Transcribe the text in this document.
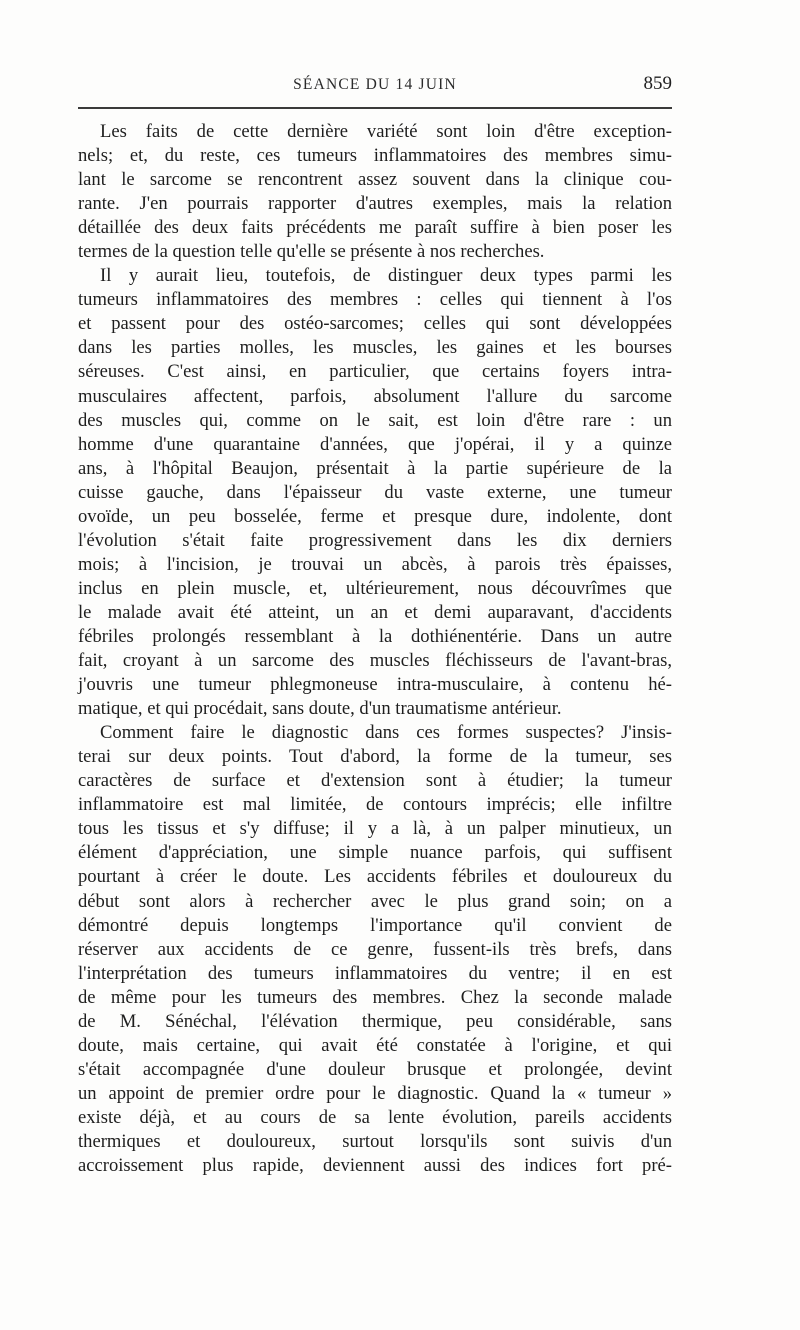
SÉANCE DU 14 JUIN	859
Les faits de cette dernière variété sont loin d'être exception-
nels; et, du reste, ces tumeurs inflammatoires des membres simu-
lant le sarcome se rencontrent assez souvent dans la clinique cou-
rante. J'en pourrais rapporter d'autres exemples, mais la relation
détaillée des deux faits précédents me paraît suffire à bien poser les
termes de la question telle qu'elle se présente à nos recherches.
Il y aurait lieu, toutefois, de distinguer deux types parmi les
tumeurs inflammatoires des membres : celles qui tiennent à l'os
et passent pour des ostéo-sarcomes; celles qui sont développées
dans les parties molles, les muscles, les gaines et les bourses
séreuses. C'est ainsi, en particulier, que certains foyers intra-
musculaires affectent, parfois, absolument l'allure du sarcome
des muscles qui, comme on le sait, est loin d'être rare : un
homme d'une quarantaine d'années, que j'opérai, il y a quinze
ans, à l'hôpital Beaujon, présentait à la partie supérieure de la
cuisse gauche, dans l'épaisseur du vaste externe, une tumeur
ovoïde, un peu bosselée, ferme et presque dure, indolente, dont
l'évolution s'était faite progressivement dans les dix derniers
mois; à l'incision, je trouvai un abcès, à parois très épaisses,
inclus en plein muscle, et, ultérieurement, nous découvrîmes que
le malade avait été atteint, un an et demi auparavant, d'accidents
fébriles prolongés ressemblant à la dothiénentérie. Dans un autre
fait, croyant à un sarcome des muscles fléchisseurs de l'avant-bras,
j'ouvris une tumeur phlegmoneuse intra-musculaire, à contenu hé-
matique, et qui procédait, sans doute, d'un traumatisme antérieur.
Comment faire le diagnostic dans ces formes suspectes? J'insis-
terai sur deux points. Tout d'abord, la forme de la tumeur, ses
caractères de surface et d'extension sont à étudier; la tumeur
inflammatoire est mal limitée, de contours imprécis; elle infiltre
tous les tissus et s'y diffuse; il y a là, à un palper minutieux, un
élément d'appréciation, une simple nuance parfois, qui suffisent
pourtant à créer le doute. Les accidents fébriles et douloureux du
début sont alors à rechercher avec le plus grand soin; on a
démontré depuis longtemps l'importance qu'il convient de
réserver aux accidents de ce genre, fussent-ils très brefs, dans
l'interprétation des tumeurs inflammatoires du ventre; il en est
de même pour les tumeurs des membres. Chez la seconde malade
de M. Sénéchal, l'élévation thermique, peu considérable, sans
doute, mais certaine, qui avait été constatée à l'origine, et qui
s'était accompagnée d'une douleur brusque et prolongée, devint
un appoint de premier ordre pour le diagnostic. Quand la « tumeur »
existe déjà, et au cours de sa lente évolution, pareils accidents
thermiques et douloureux, surtout lorsqu'ils sont suivis d'un
accroissement plus rapide, deviennent aussi des indices fort pré-
